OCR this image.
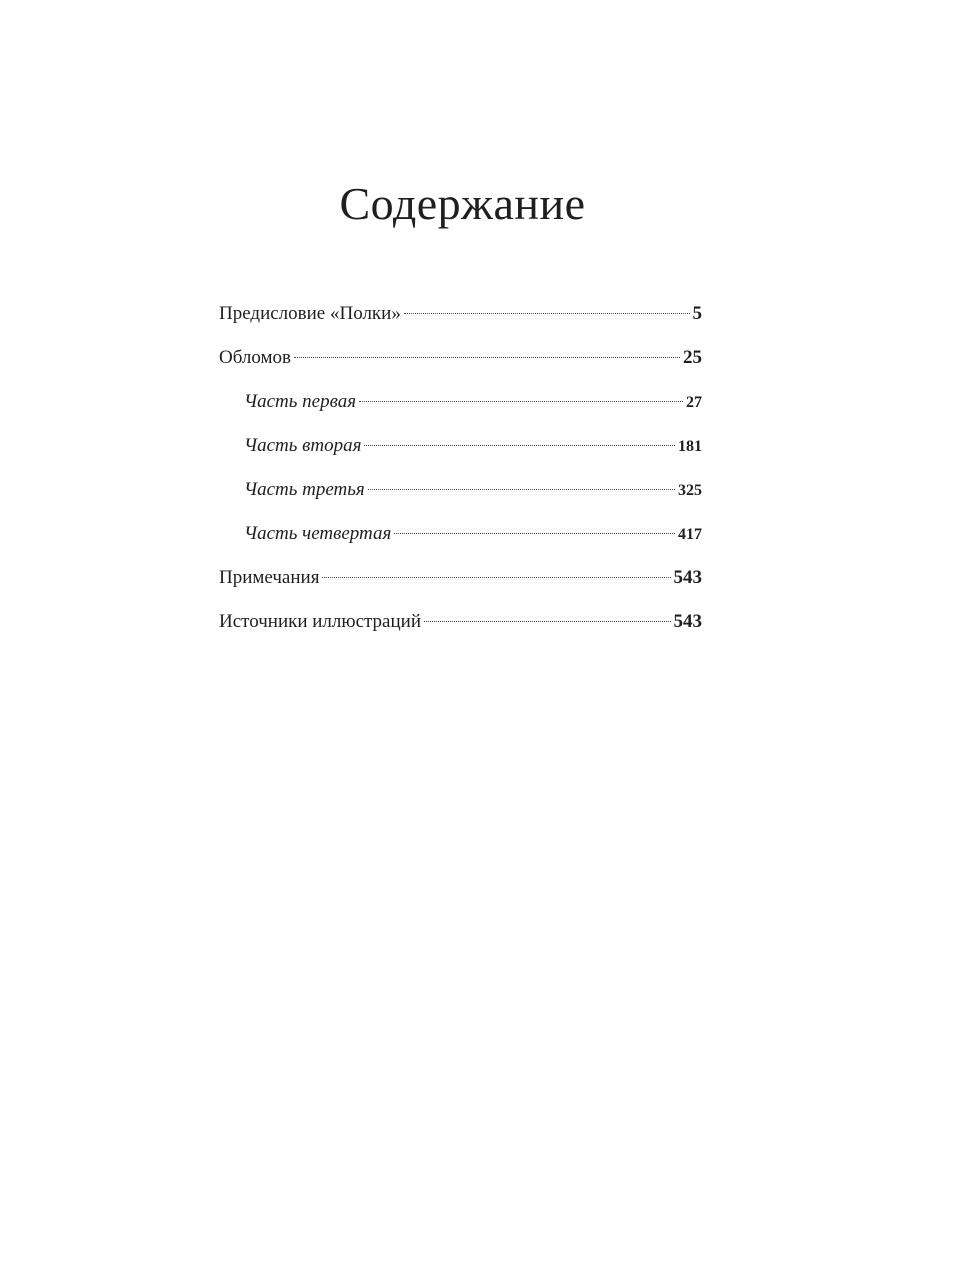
Содержание
Предисловие «Полки»	5
Обломов	25
Часть первая	27
Часть вторая	181
Часть третья	325
Часть четвертая	417
Примечания	543
Источники иллюстраций	543
